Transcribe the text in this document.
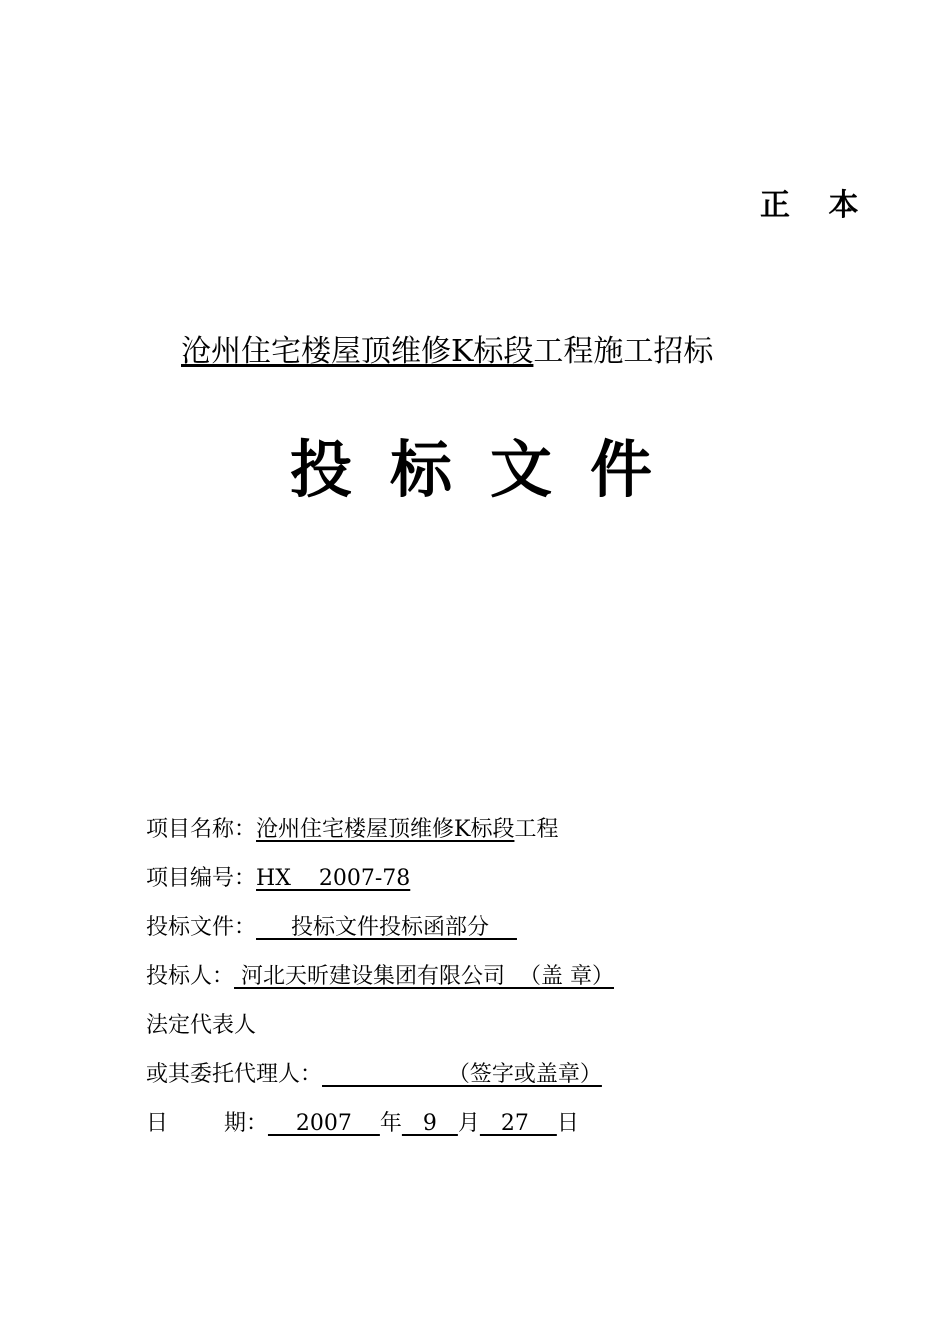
正 本
沧州住宅楼屋顶维修K标段工程施工招标
投标文件
项目名称：沧州住宅楼屋顶维修K标段工程
项目编号：HX    2007-78
投标文件：     投标文件投标函部分
投标人： 河北天昕建设集团有限公司  （盖 章）
法定代表人
或其委托代理人：                  （签字或盖章）
日        期：    2007    年   9   月   27    日
